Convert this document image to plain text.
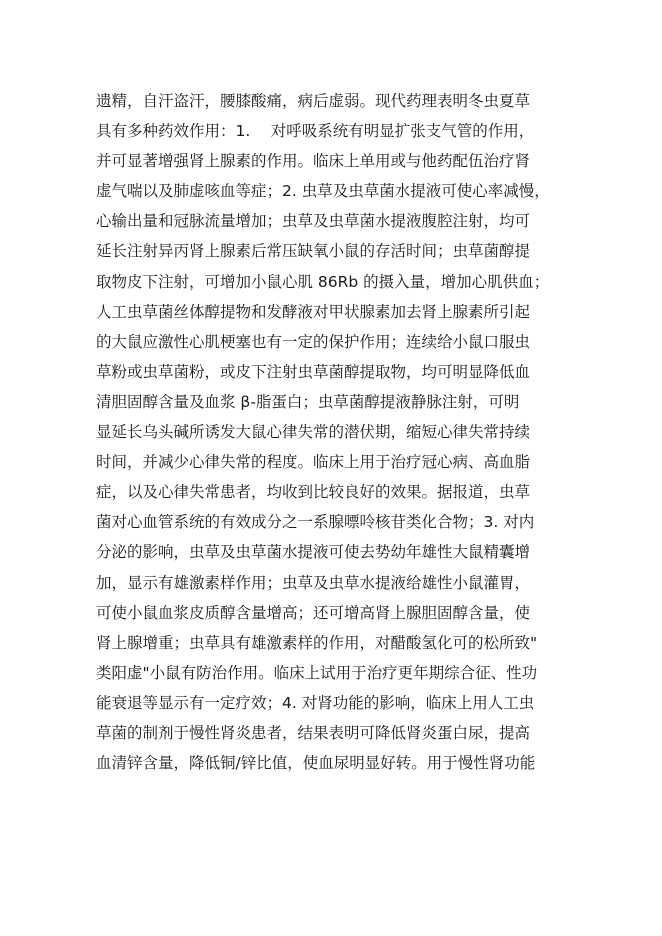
遗精，自汗盗汗，腰膝酸痛，病后虚弱。现代药理表明冬虫夏草
具有多种药效作用：1.　 对呼吸系统有明显扩张支气管的作用，
并可显著增强肾上腺素的作用。临床上单用或与他药配伍治疗肾
虚气喘以及肺虚咳血等症；2. 虫草及虫草菌水提液可使心率减慢，
心输出量和冠脉流量增加；虫草及虫草菌水提液腹腔注射，均可
延长注射异丙肾上腺素后常压缺氧小鼠的存活时间；虫草菌醇提
取物皮下注射，可增加小鼠心肌 86Rb 的摄入量，增加心肌供血；
人工虫草菌丝体醇提物和发酵液对甲状腺素加去肾上腺素所引起
的大鼠应激性心肌梗塞也有一定的保护作用；连续给小鼠口服虫
草粉或虫草菌粉，或皮下注射虫草菌醇提取物，均可明显降低血
清胆固醇含量及血浆 β-脂蛋白；虫草菌醇提液静脉注射，可明
显延长乌头碱所诱发大鼠心律失常的潜伏期，缩短心律失常持续
时间，并减少心律失常的程度。临床上用于治疗冠心病、高血脂
症，以及心律失常患者，均收到比较良好的效果。据报道，虫草
菌对心血管系统的有效成分之一系腺嘌呤核苷类化合物；3. 对内
分泌的影响，虫草及虫草菌水提液可使去势幼年雄性大鼠精囊增
加，显示有雄激素样作用；虫草及虫草水提液给雄性小鼠灌胃，
可使小鼠血浆皮质醇含量增高；还可增高肾上腺胆固醇含量，使
肾上腺增重；虫草具有雄激素样的作用，对醋酸氢化可的松所致"
类阳虚"小鼠有防治作用。临床上试用于治疗更年期综合征、性功
能衰退等显示有一定疗效；4. 对肾功能的影响，临床上用人工虫
草菌的制剂于慢性肾炎患者，结果表明可降低肾炎蛋白尿，提高
血清锌含量，降低铜/锌比值，使血尿明显好转。用于慢性肾功能
